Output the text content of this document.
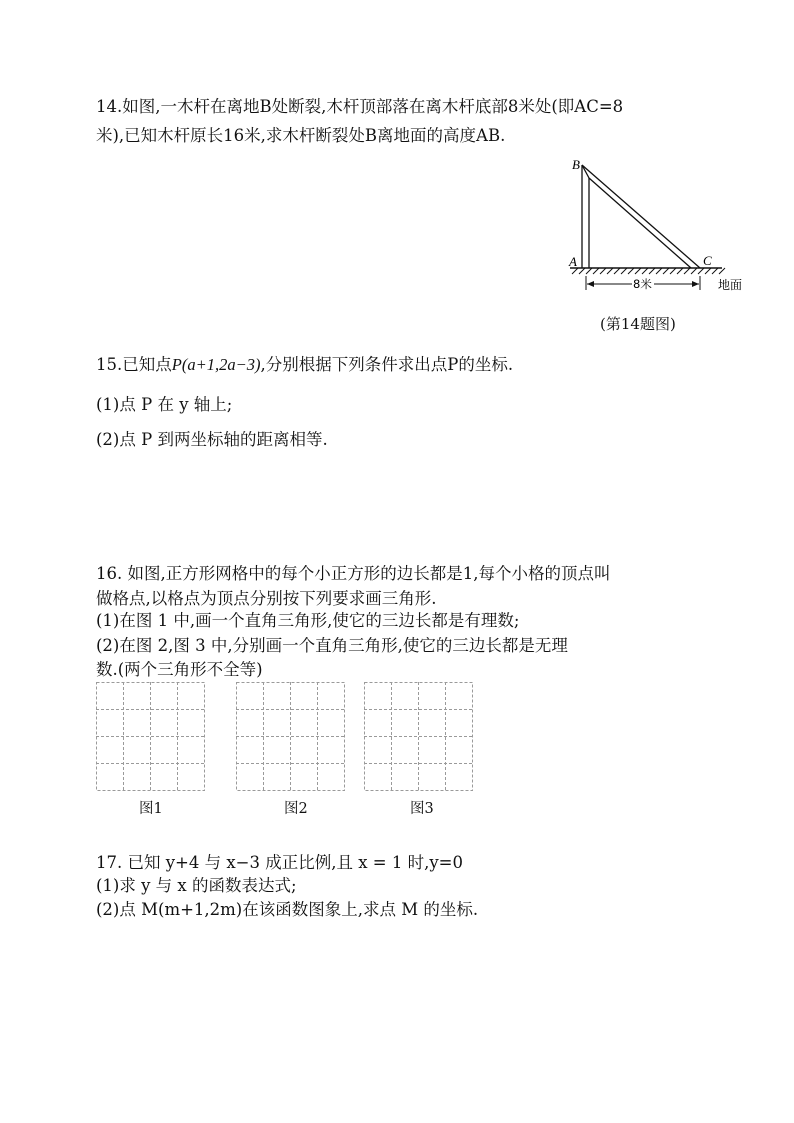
14.如图,一木杆在离地B处断裂,木杆顶部落在离木杆底部8米处(即AC=8
米),已知木杆原长16米,求木杆断裂处B离地面的高度AB.
B
A	C
8米	地面
(第14题图)
15.已知点P(a+1,2a−3),分别根据下列条件求出点P的坐标.
(1)点 P 在 y 轴上;
(2)点 P 到两坐标轴的距离相等.
16. 如图,正方形网格中的每个小正方形的边长都是1,每个小格的顶点叫
做格点,以格点为顶点分别按下列要求画三角形.
(1)在图 1 中,画一个直角三角形,使它的三边长都是有理数;
(2)在图 2,图 3 中,分别画一个直角三角形,使它的三边长都是无理
数.(两个三角形不全等)
图1	图2	图3
17. 已知 y+4 与 x−3 成正比例,且 x = 1 时,y=0
(1)求 y 与 x 的函数表达式;
(2)点 M(m+1,2m)在该函数图象上,求点 M 的坐标.
